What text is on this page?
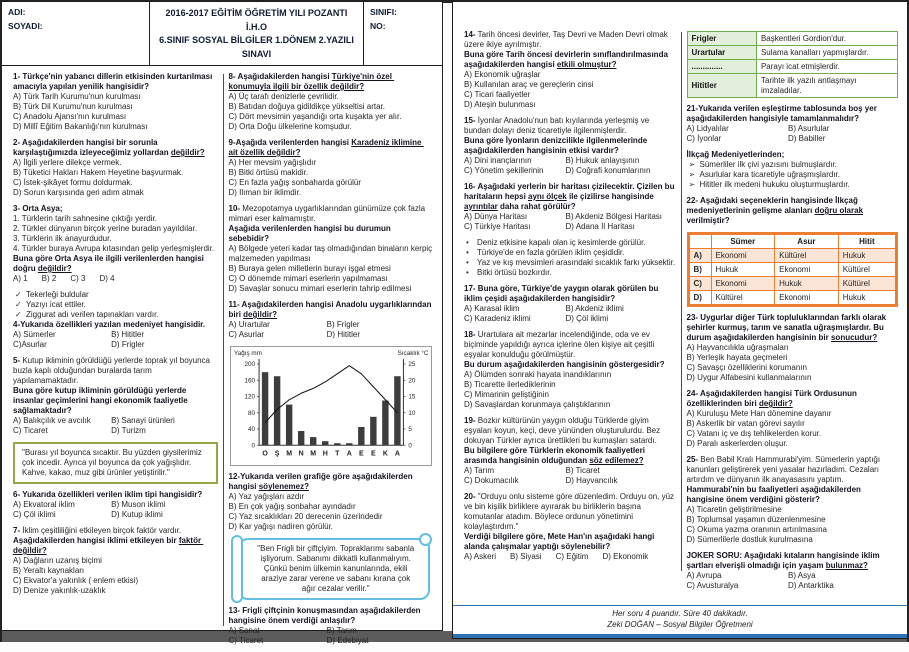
ADI:
SOYADI:
2016-2017 EĞİTİM ÖĞRETİM YILI POZANTI İ.H.O
6.SINIF SOSYAL BİLGİLER 1.DÖNEM 2.YAZILI SINAVI
SINIFI:
NO:
1- Türkçe'nin yabancı dillerin etkisinden kurtarılması amacıyla yapılan yenilik hangisidir?
A) Türk Tarih Kurumu'nun kurulması
B) Türk Dil Kurumu'nun kurulması
C) Anadolu Ajansı'nın kurulması
D) Millî Eğitim Bakanlığı'nın kurulması
2- Aşağıdakilerden hangisi bir sorunla karşılaştığımızda izleyeceğimiz yollardan değildir?
A) İlgili yerlere dilekçe vermek.
B) Tüketici Hakları Hakem Heyetine başvurmak.
C) İstek-şikâyet formu doldurmak.
D) Sorun karşısında geri adım atmak
3- Orta Asya;
1. Türklerin tarih sahnesine çıktığı yerdir.
2. Türkler dünyanın birçok yerine buradan yayıldılar.
3. Türklerin ilk anayurdudur.
4. Türkler buraya Avrupa kıtasından gelip yerleşmişlerdir.
Buna göre Orta Asya ile ilgili verilenlerden hangisi doğru değildir?
A) 1 B) 2 C) 3 D) 4
✓ Tekerleği buldular
✓ Yazıyı icat ettiler.
✓ Ziggurat adı verilen tapınakları vardır.
4-Yukarıda özellikleri yazılan medeniyet hangisidir.
A) Sümerler	B) Hititler
C)Asurlar	D) Frigler
5- Kutup ikliminin görüldüğü yerlerde toprak yıl boyunca buzla kaplı olduğundan buralarda tarım yapılamamaktadır.
Buna göre kutup ikliminin görüldüğü yerlerde insanlar geçimlerini hangi ekonomik faaliyetle sağlamaktadır?
A) Balıkçılık ve avcılık	B) Sanayi ürünleri
C) Ticaret	D) Turizm
"Burası yıl boyunca sıcaktır. Bu yüzden giysilerimiz çok incedir. Ayrıca yıl boyunca da çok yağışlıdır. Kahve, kakao, muz gibi ürünler yetiştirilir."
6- Yukarıda özellikleri verilen iklim tipi hangisidir?
A) Ekvatoral iklim	B) Muson iklimi
C) Çöl iklimi	D) Kutup iklimi
7- İklim çeşitliliğini etkileyen birçok faktör vardır.
Aşağıdakilerden hangisi iklimi etkileyen bir faktör değildir?
A) Dağların uzanış biçimi
B) Yeraltı kaynakları
C) Ekvator'a yakınlık ( enlem etkisi)
D) Denize yakınlık-uzaklık
8- Aşağıdakilerden hangisi Türkiye'nin özel konumuyla ilgili bir özellik değildir?
A) Üç tarafı denizlerle çevrilidir.
B) Batıdan doğuya gidildikçe yükseltisi artar.
C) Dört mevsimin yaşandığı orta kuşakta yer alır.
D) Orta Doğu ülkelerine komşudur.
9-Aşağıda verilenlerden hangisi Karadeniz iklimine ait özellik değildir?
A) Her mevsim yağışlıdır
B) Bitki örtüsü makidir.
C) En fazla yağış sonbaharda görülür
D) Ilıman bir iklimdir.
10- Mezopotamya uygarlıklarından günümüze çok fazla mimari eser kalmamıştır.
Aşağıda verilenlerden hangisi bu durumun sebebidir?
A) Bölgede yeteri kadar taş olmadığından binaların kerpiç malzemeden yapılması
B) Buraya gelen milletlerin burayı işgal etmesi
C) O dönemde mimari eserlerin yapılmaması
D) Savaşlar sonucu mimari eserlerin tahrip edilmesi
11- Aşağıdakilerden hangisi Anadolu uygarlıklarından biri değildir?
A) Urartular	B) Frigler
C) Asurlar	D) Hititler
Yağış mm	Sıcaklık °C
0
40
80
120
160
200
0
5
10
15
20
25
O Ş M N M H T A E E K A
12-Yukarıda verilen grafiğe göre aşağıdakilerden hangisi söylenemez?
A) Yaz yağışları azdır
B) En çok yağış sonbahar ayındadır
C) Yaz sıcaklıkları 20 derecenin üzerindedir
D) Kar yağışı nadiren görülür.
"Ben Frigli bir çiftçiyim. Topraklarımı sabanla işliyorum. Sabanımı dikkatli kullanmalıyım. Çünkü benim ülkemin kanunlarında, ekili araziye zarar verene ve sabanı kırana çok ağır cezalar verilir."
13- Frigli çiftçinin konuşmasından aşağıdakilerden hangisine önem verdiği anlaşılır?
A) Sanat	B) Tarım
C) Ticaret	D) Edebiyat
14- Tarih öncesi devirler, Taş Devri ve Maden Devri olmak üzere ikiye ayrılmıştır.
Buna göre Tarih öncesi devirlerin sınıflandırılmasında aşağıdakilerden hangisi etkili olmuştur?
A) Ekonomik uğraşlar
B) Kullanılan araç ve gereçlerin cinsi
C) Ticari faaliyetler
D) Ateşin bulunması
15- İyonlar Anadolu'nun batı kıyılarında yerleşmiş ve bundan dolayı deniz ticaretiyle ilgilenmişlerdir.
Buna göre İyonların denizcilikle ilgilenmelerinde aşağıdakilerden hangisinin etkisi vardır?
A) Dini inançlarının	B) Hukuk anlayışının
C) Yönetim şekillerinin	D) Coğrafi konumlarının
16- Aşağıdaki yerlerin bir haritası çizilecektir. Çizilen bu haritaların hepsi aynı ölçek ile çizilirse hangisinde ayrıntılar daha rahat görülür?
A) Dünya Haritası	B) Akdeniz Bölgesi Haritası
C) Türkiye Haritası	D) Adana İl Haritası
•	Deniz etkisine kapalı olan iç kesimlerde görülür.
•	Türkiye'de en fazla görülen iklim çeşididir.
•	Yaz ve kış mevsimleri arasındaki sıcaklık farkı yüksektir.
•	Bitki örtüsü bozkırdır.
17- Buna göre, Türkiye'de yaygın olarak görülen bu iklim çeşidi aşağıdakilerden hangisidir?
A) Karasal iklim	B) Akdeniz iklimi
C) Karadeniz iklimi	D) Çöl iklimi
18- Urartulara ait mezarlar incelendiğinde, oda ve ev biçiminde yapıldığı ayrıca içlerine ölen kişiye ait çeşitli eşyalar konulduğu görülmüştür.
Bu durum aşağıdakilerden hangisinin göstergesidir?
A) Ölümden sonraki hayata inandıklarının
B) Ticarette ilerlediklerinin
C) Mimarinin geliştiğinin
D) Savaşlardan korunmaya çalıştıklarının
19- Bozkır kültürünün yaygın olduğu Türklerde giyim eşyaları koyun, keçi, deve yününden oluşturulurdu. Bez dokuyan Türkler ayrıca ürettikleri bu kumaşları satardı.
Bu bilgilere göre Türklerin ekonomik faaliyetleri arasında hangisinin olduğundan söz edilemez?
A) Tarım	B) Ticaret
C) Dokumacılık	D) Hayvancılık
20- "Orduyu onlu sisteme göre düzenledim. Orduyu on, yüz ve bin kişilik birliklere ayırarak bu birliklerin başına komutanlar atadım. Böylece ordunun yönetimini kolaylaştırdım."
Verdiği bilgilere göre, Mete Han'ın aşağıdaki hangi alanda çalışmalar yaptığı söylenebilir?
A) Askeri B) Siyasi C) Eğitim D) Ekonomik
Frigler	Başkentleri Gordion'dur.
Urartular	Sulama kanalları yapmışlardır.
..............	Parayı icat etmişlerdir.
Hititler	Tarihte ilk yazılı antlaşmayı imzaladılar.
21-Yukarıda verilen eşleştirme tablosunda boş yer aşağıdakilerden hangisiyle tamamlanmalıdır?
A) Lidyalılar	B) Asurlular
C) İyonlar	D) Babiller
İlkçağ Medeniyetlerinden;
➢ Sümerliler ilk çivi yazısını bulmuşlardır.
➢ Asurlular kara ticaretiyle uğraşmışlardır.
➢ Hititler ilk medeni hukuku oluşturmuşlardır.
22- Aşağıdaki seçeneklerin hangisinde İlkçağ medeniyetlerinin gelişme alanları doğru olarak verilmiştir?
	Sümer	Asur	Hitit
A)	Ekonomi	Kültürel	Hukuk
B)	Hukuk	Ekonomi	Kültürel
C)	Ekonomi	Hukuk	Kültürel
D)	Kültürel	Ekonomi	Hukuk
23- Uygurlar diğer Türk topluluklarından farklı olarak şehirler kurmuş, tarım ve sanatla uğraşmışlardır. Bu durum aşağıdakilerden hangisinin bir sonucudur?
A) Hayvancılıkla uğraşmaları
B) Yerleşik hayata geçmeleri
C) Savaşçı özelliklerini korumanın
D) Uygur Alfabesini kullanmalarının
24- Aşağıdakilerden hangisi Türk Ordusunun özelliklerinden biri değildir?
A) Kuruluşu Mete Han dönemine dayanır
B) Askerlik bir vatan görevi sayılır
C) Vatanı iç ve dış tehlikelerden korur.
D) Paralı askerlerden oluşur.
25- Ben Babil Kralı Hammurabi'yim. Sümerlerin yaptığı kanunları geliştirerek yeni yasalar hazırladım. Cezaları artırdım ve dünyanın ilk anayasasını yaptım.
Hammurabi'nin bu faaliyetleri aşağıdakilerden hangisine önem verdiğini gösterir?
A) Ticaretin geliştirilmesine
B) Toplumsal yaşamın düzenlenmesine
C) Okuma yazma oranının artırılmasına
D) Sümerlilerle dostluk kurulmasına
JOKER SORU: Aşağıdaki kıtaların hangisinde iklim şartları elverişli olmadığı için yaşam bulunmaz?
A) Avrupa	B) Asya
C) Avusturalya	D) Antarktika
Her soru 4 puandır. Süre 40 dakikadır.
Zeki DOĞAN – Sosyal Bilgiler Öğretmeni
